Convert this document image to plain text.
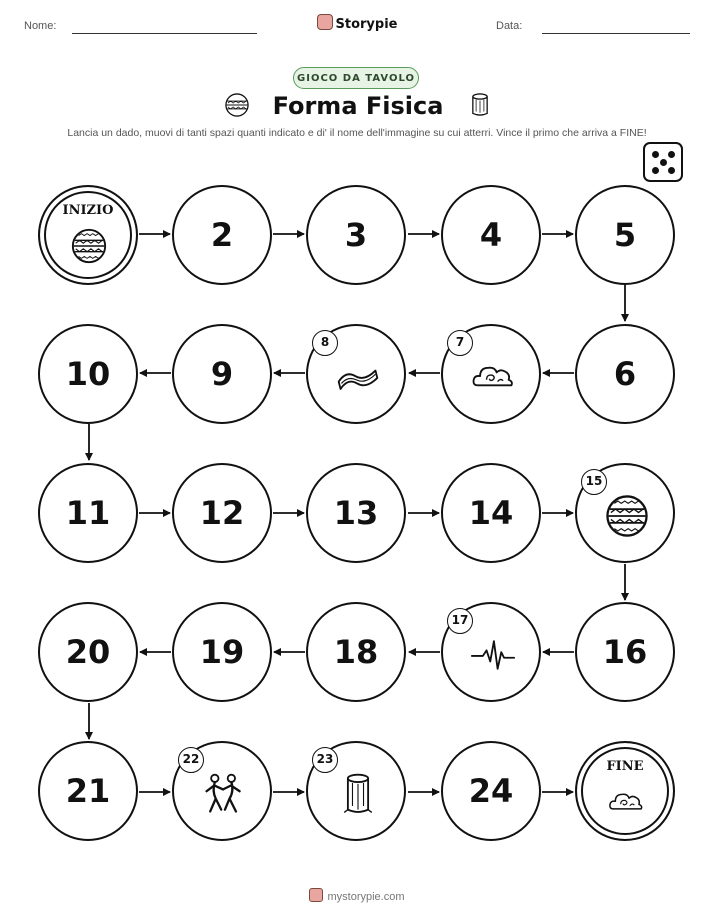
Nome:	Storypie	Data:
GIOCO DA TAVOLO
Forma Fisica
Lancia un dado, muovi di tanti spazi quanti indicato e di' il nome dell'immagine su cui atterri. Vince il primo che arriva a FINE!
INIZIO
2	3	4	5
10	9
8	7
6
11	12	13	14
15
20	19	18
17
16
21
22	23
24
FINE
mystorypie.com
